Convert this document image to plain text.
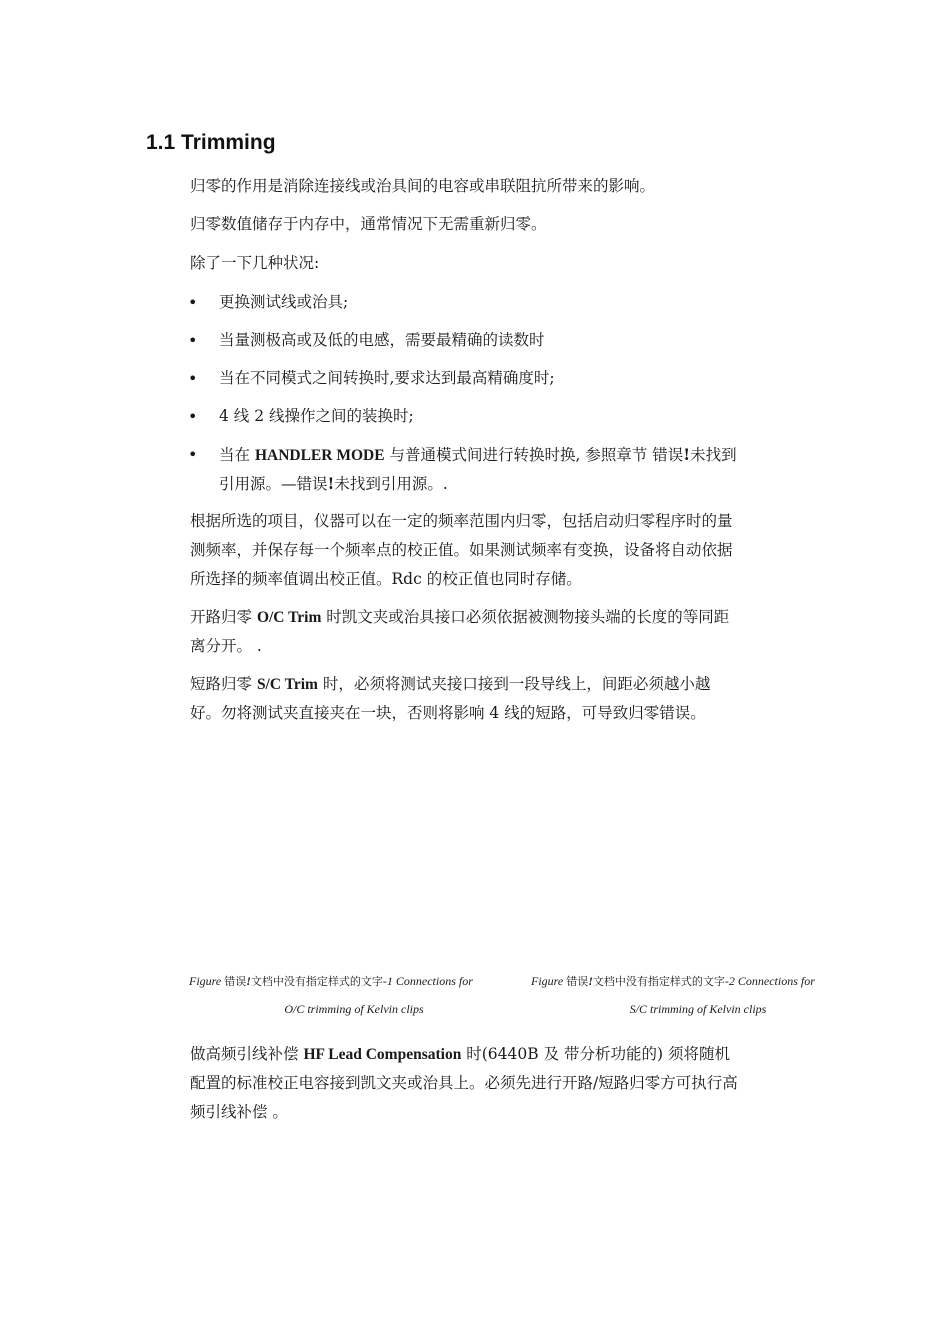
1.1 Trimming
归零的作用是消除连接线或治具间的电容或串联阻抗所带来的影响。
归零数值储存于内存中，通常情况下无需重新归零。
除了一下几种状况:
• 更换测试线或治具;
• 当量测极高或及低的电感，需要最精确的读数时
• 当在不同模式之间转换时,要求达到最高精确度时;
• 4 线 2 线操作之间的装换时;
• 当在 HANDLER MODE 与普通模式间进行转换时换, 参照章节 错误!未找到
引用源。—错误!未找到引用源。.
根据所选的项目，仪器可以在一定的频率范围内归零，包括启动归零程序时的量
测频率，并保存每一个频率点的校正值。如果测试频率有变换，设备将自动依据
所选择的频率值调出校正值。Rdc 的校正值也同时存储。
开路归零 O/C Trim 时凯文夹或治具接口必须依据被测物接头端的长度的等同距
离分开。 .
短路归零 S/C Trim 时，必须将测试夹接口接到一段导线上，间距必须越小越
好。勿将测试夹直接夹在一块，否则将影响 4 线的短路，可导致归零错误。
Figure 错误!文档中没有指定样式的文字-1 Connections for
O/C trimming of Kelvin clips
Figure 错误!文档中没有指定样式的文字-2 Connections for
S/C trimming of Kelvin clips
做高频引线补偿 HF Lead Compensation 时(6440B 及 带分析功能的) 须将随机
配置的标准校正电容接到凯文夹或治具上。必须先进行开路/短路归零方可执行高
频引线补偿 。
